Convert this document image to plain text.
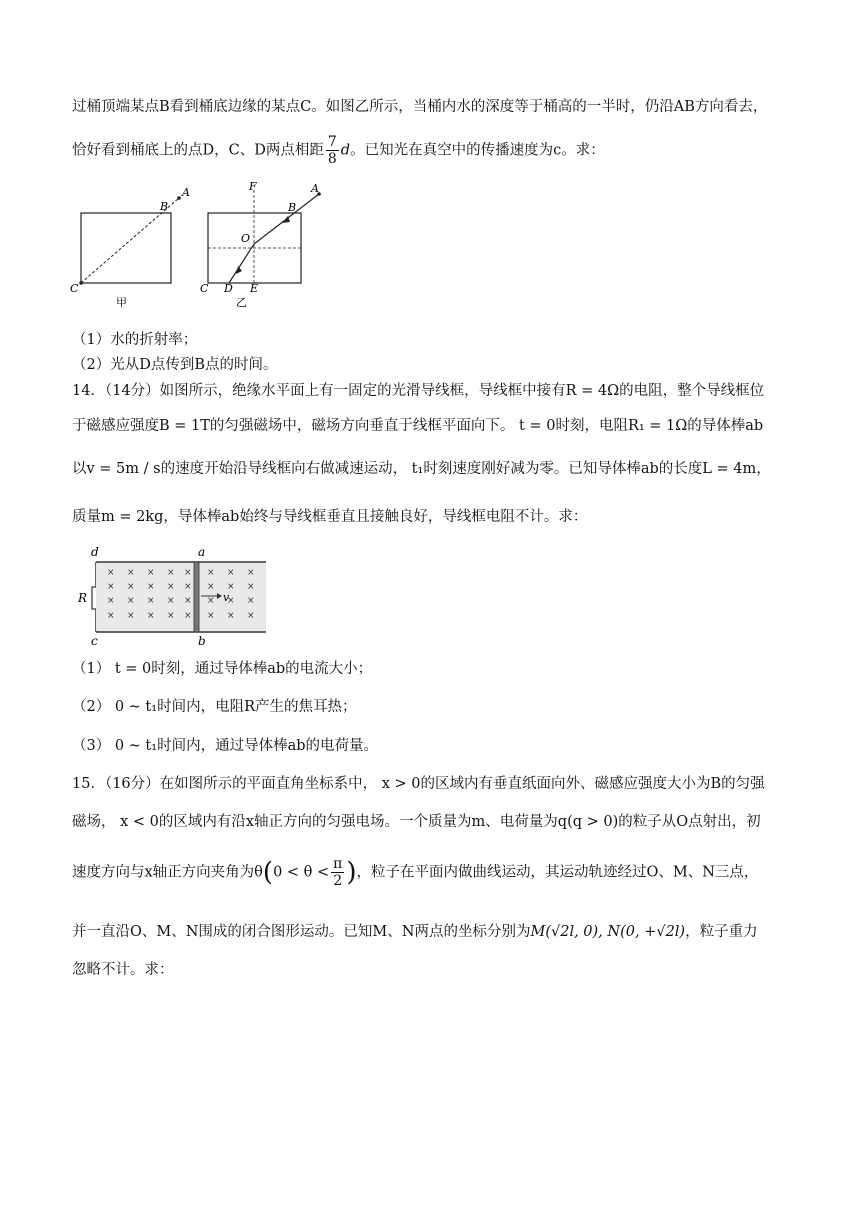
过桶顶端某点B看到桶底边缘的某点C。如图乙所示，当桶内水的深度等于桶高的一半时，仍沿AB方向看去，
恰好看到桶底上的点D，C、D两点相距 $\frac{7}{8}$ d。已知光在真空中的传播速度为c。求：
A
B
C
甲
F	A
B
O
C D E
乙
（1）水的折射率；
（2）光从D点传到B点的时间。
14．（14分）如图所示，绝缘水平面上有一固定的光滑导线框，导线框中接有R = 4Ω的电阻，整个导线框位
于磁感应强度B = 1T的匀强磁场中，磁场方向垂直于线框平面向下。 t = 0时刻，电阻R₁ = 1Ω的导体棒ab
以v = 5m / s的速度开始沿导线框向右做减速运动， t₁时刻速度刚好减为零。已知导体棒ab的长度L = 4m，
质量m = 2kg，导体棒ab始终与导线框垂直且接触良好，导线框电阻不计。求：
d	a
R
c	b
v
×
×
×
×
×
×
×
×
×
×
×
×
×
×
×
×
×
×
×
×
×
×
×
×
×
×
×
×
×
×
×
×
（1） t = 0时刻，通过导体棒ab的电流大小；
（2） 0 ~ t₁时间内，电阻R产生的焦耳热；
（3） 0 ~ t₁时间内，通过导体棒ab的电荷量。
15．（16分）在如图所示的平面直角坐标系中， x > 0的区域内有垂直纸面向外、磁感应强度大小为B的匀强
磁场， x < 0的区域内有沿x轴正方向的匀强电场。一个质量为m、电荷量为q(q > 0)的粒子从O点射出，初
速度方向与x轴正方向夹角为$\theta(0 < \theta < \frac{\pi}{2}$ )，粒子在平面内做曲线运动，其运动轨迹经过O、M、N三点，
并一直沿O、M、N围成的闭合图形运动。已知M、N两点的坐标分别为M(√2l, 0), N(0, +√2l)，粒子重力
忽略不计。求：
